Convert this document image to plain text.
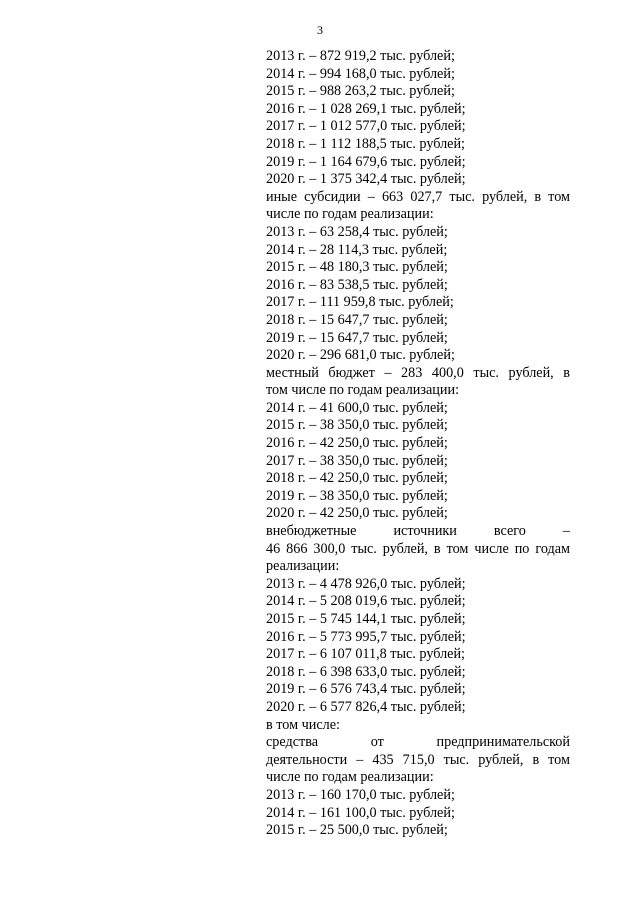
3
2013 г. – 872 919,2 тыс. рублей;
2014 г. – 994 168,0 тыс. рублей;
2015 г. – 988 263,2 тыс. рублей;
2016 г. – 1 028 269,1 тыс. рублей;
2017 г. – 1 012 577,0 тыс. рублей;
2018 г. – 1 112 188,5 тыс. рублей;
2019 г. – 1 164 679,6 тыс. рублей;
2020 г. – 1 375 342,4 тыс. рублей;
иные субсидии – 663 027,7 тыс. рублей, в том
числе по годам реализации:
2013 г. – 63 258,4 тыс. рублей;
2014 г. – 28 114,3 тыс. рублей;
2015 г. – 48 180,3 тыс. рублей;
2016 г. – 83 538,5 тыс. рублей;
2017 г. – 111 959,8 тыс. рублей;
2018 г. – 15 647,7 тыс. рублей;
2019 г. – 15 647,7 тыс. рублей;
2020 г. – 296 681,0 тыс. рублей;
местный бюджет – 283 400,0 тыс. рублей, в
том числе по годам реализации:
2014 г. – 41 600,0 тыс. рублей;
2015 г. – 38 350,0 тыс. рублей;
2016 г. – 42 250,0 тыс. рублей;
2017 г. – 38 350,0 тыс. рублей;
2018 г. – 42 250,0 тыс. рублей;
2019 г. – 38 350,0 тыс. рублей;
2020 г. – 42 250,0 тыс. рублей;
внебюджетные источники всего –
46 866 300,0 тыс. рублей, в том числе по годам
реализации:
2013 г. – 4 478 926,0 тыс. рублей;
2014 г. – 5 208 019,6 тыс. рублей;
2015 г. – 5 745 144,1 тыс. рублей;
2016 г. – 5 773 995,7 тыс. рублей;
2017 г. – 6 107 011,8 тыс. рублей;
2018 г. – 6 398 633,0 тыс. рублей;
2019 г. – 6 576 743,4 тыс. рублей;
2020 г. – 6 577 826,4 тыс. рублей;
в том числе:
средства от предпринимательской
деятельности – 435 715,0 тыс. рублей, в том
числе по годам реализации:
2013 г. – 160 170,0 тыс. рублей;
2014 г. – 161 100,0 тыс. рублей;
2015 г. – 25 500,0 тыс. рублей;
